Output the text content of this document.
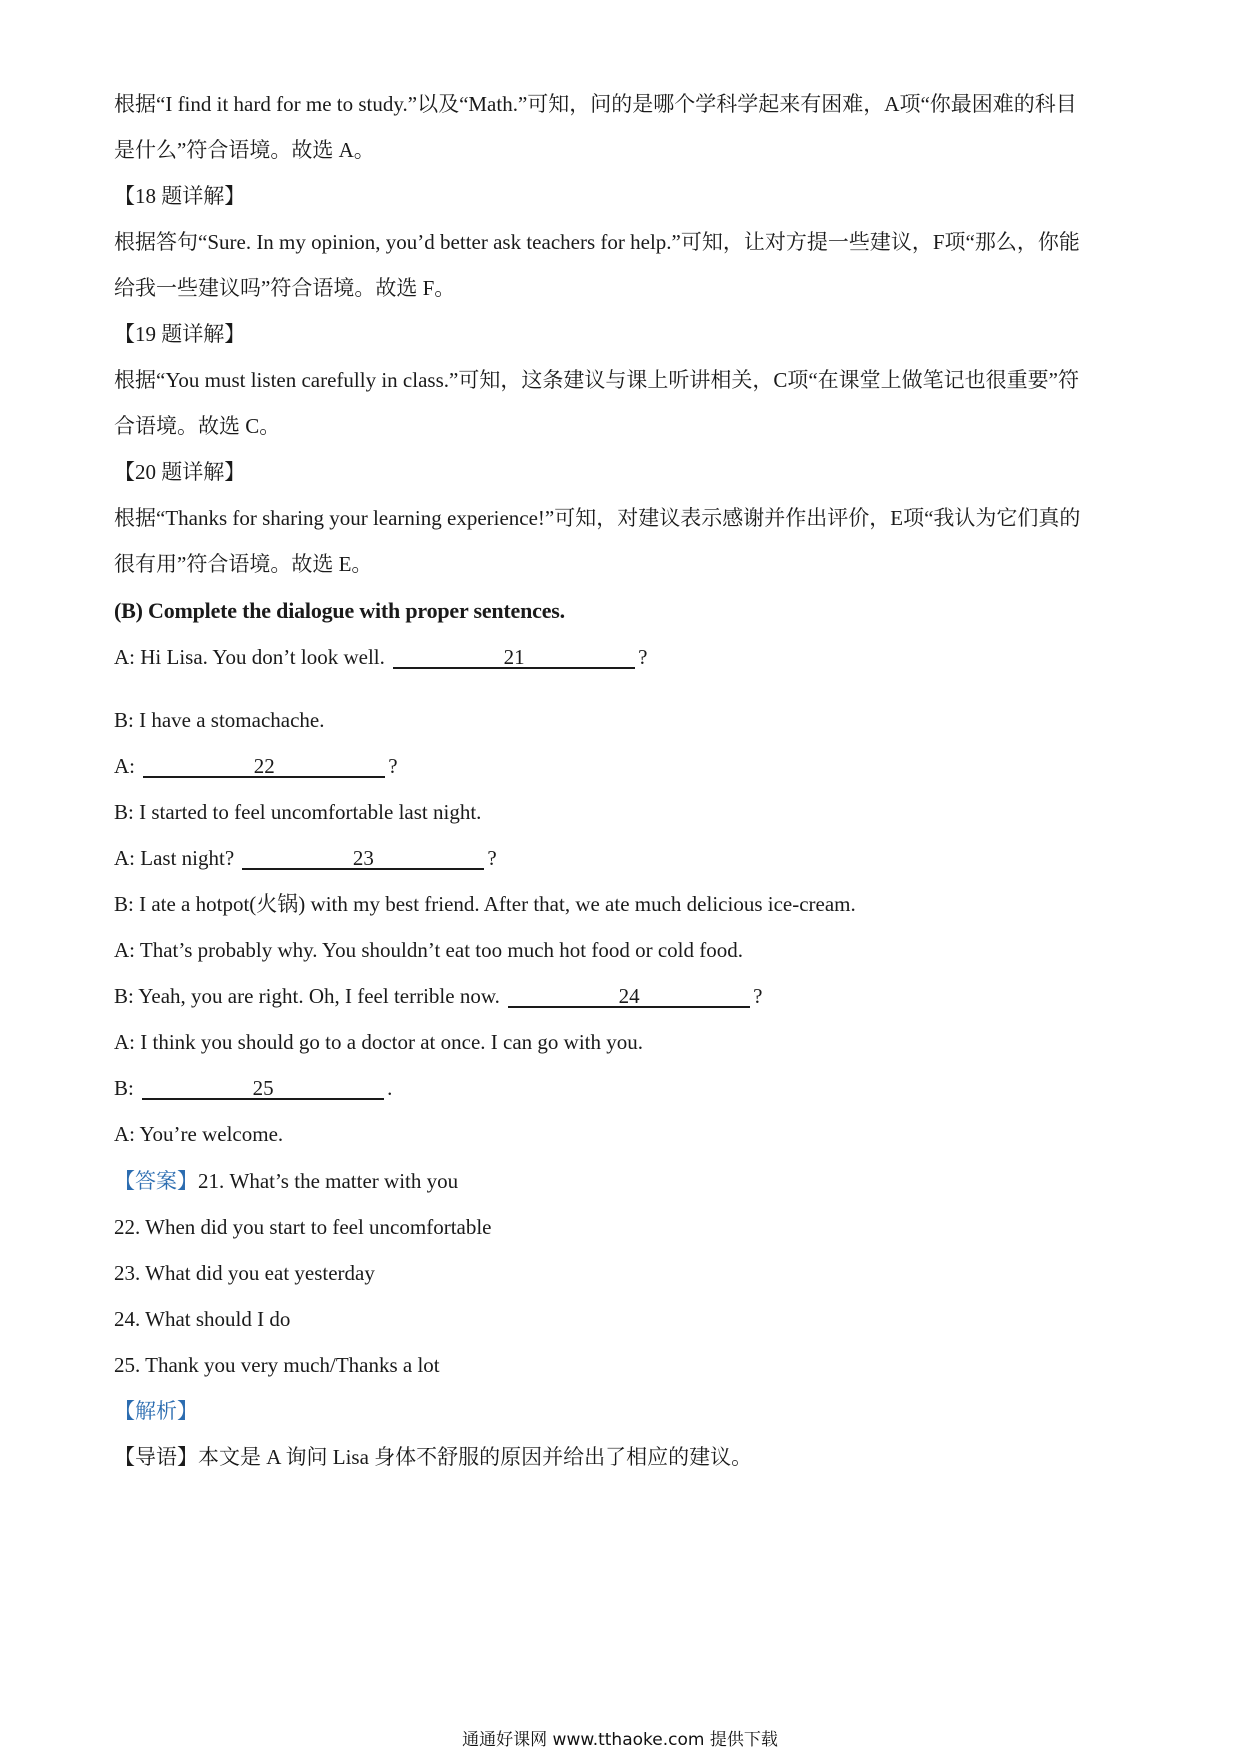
根据“I find it hard for me to study.”以及“Math.”可知，问的是哪个学科学起来有困难，A项“你最困难的科目
是什么”符合语境。故选 A。
【18 题详解】
根据答句“Sure. In my opinion, you’d better ask teachers for help.”可知，让对方提一些建议，F项“那么，你能
给我一些建议吗”符合语境。故选 F。
【19 题详解】
根据“You must listen carefully in class.”可知，这条建议与课上听讲相关，C项“在课堂上做笔记也很重要”符
合语境。故选 C。
【20 题详解】
根据“Thanks for sharing your learning experience!”可知，对建议表示感谢并作出评价，E项“我认为它们真的
很有用”符合语境。故选 E。
(B) Complete the dialogue with proper sentences.
A: Hi Lisa. You don’t look well.	21	?
B: I have a stomachache.
A:	22	?
B: I started to feel uncomfortable last night.
A: Last night?	23	?
B: I ate a hotpot(火锅) with my best friend. After that, we ate much delicious ice-cream.
A: That’s probably why. You shouldn’t eat too much hot food or cold food.
B: Yeah, you are right. Oh, I feel terrible now.	24	?
A: I think you should go to a doctor at once. I can go with you.
B:	25	.
A: You’re welcome.
【答案】21. What’s the matter with you
22. When did you start to feel uncomfortable
23. What did you eat yesterday
24. What should I do
25. Thank you very much/Thanks a lot
【解析】
【导语】本文是 A 询问 Lisa 身体不舒服的原因并给出了相应的建议。
通通好课网 www.tthaoke.com 提供下载
